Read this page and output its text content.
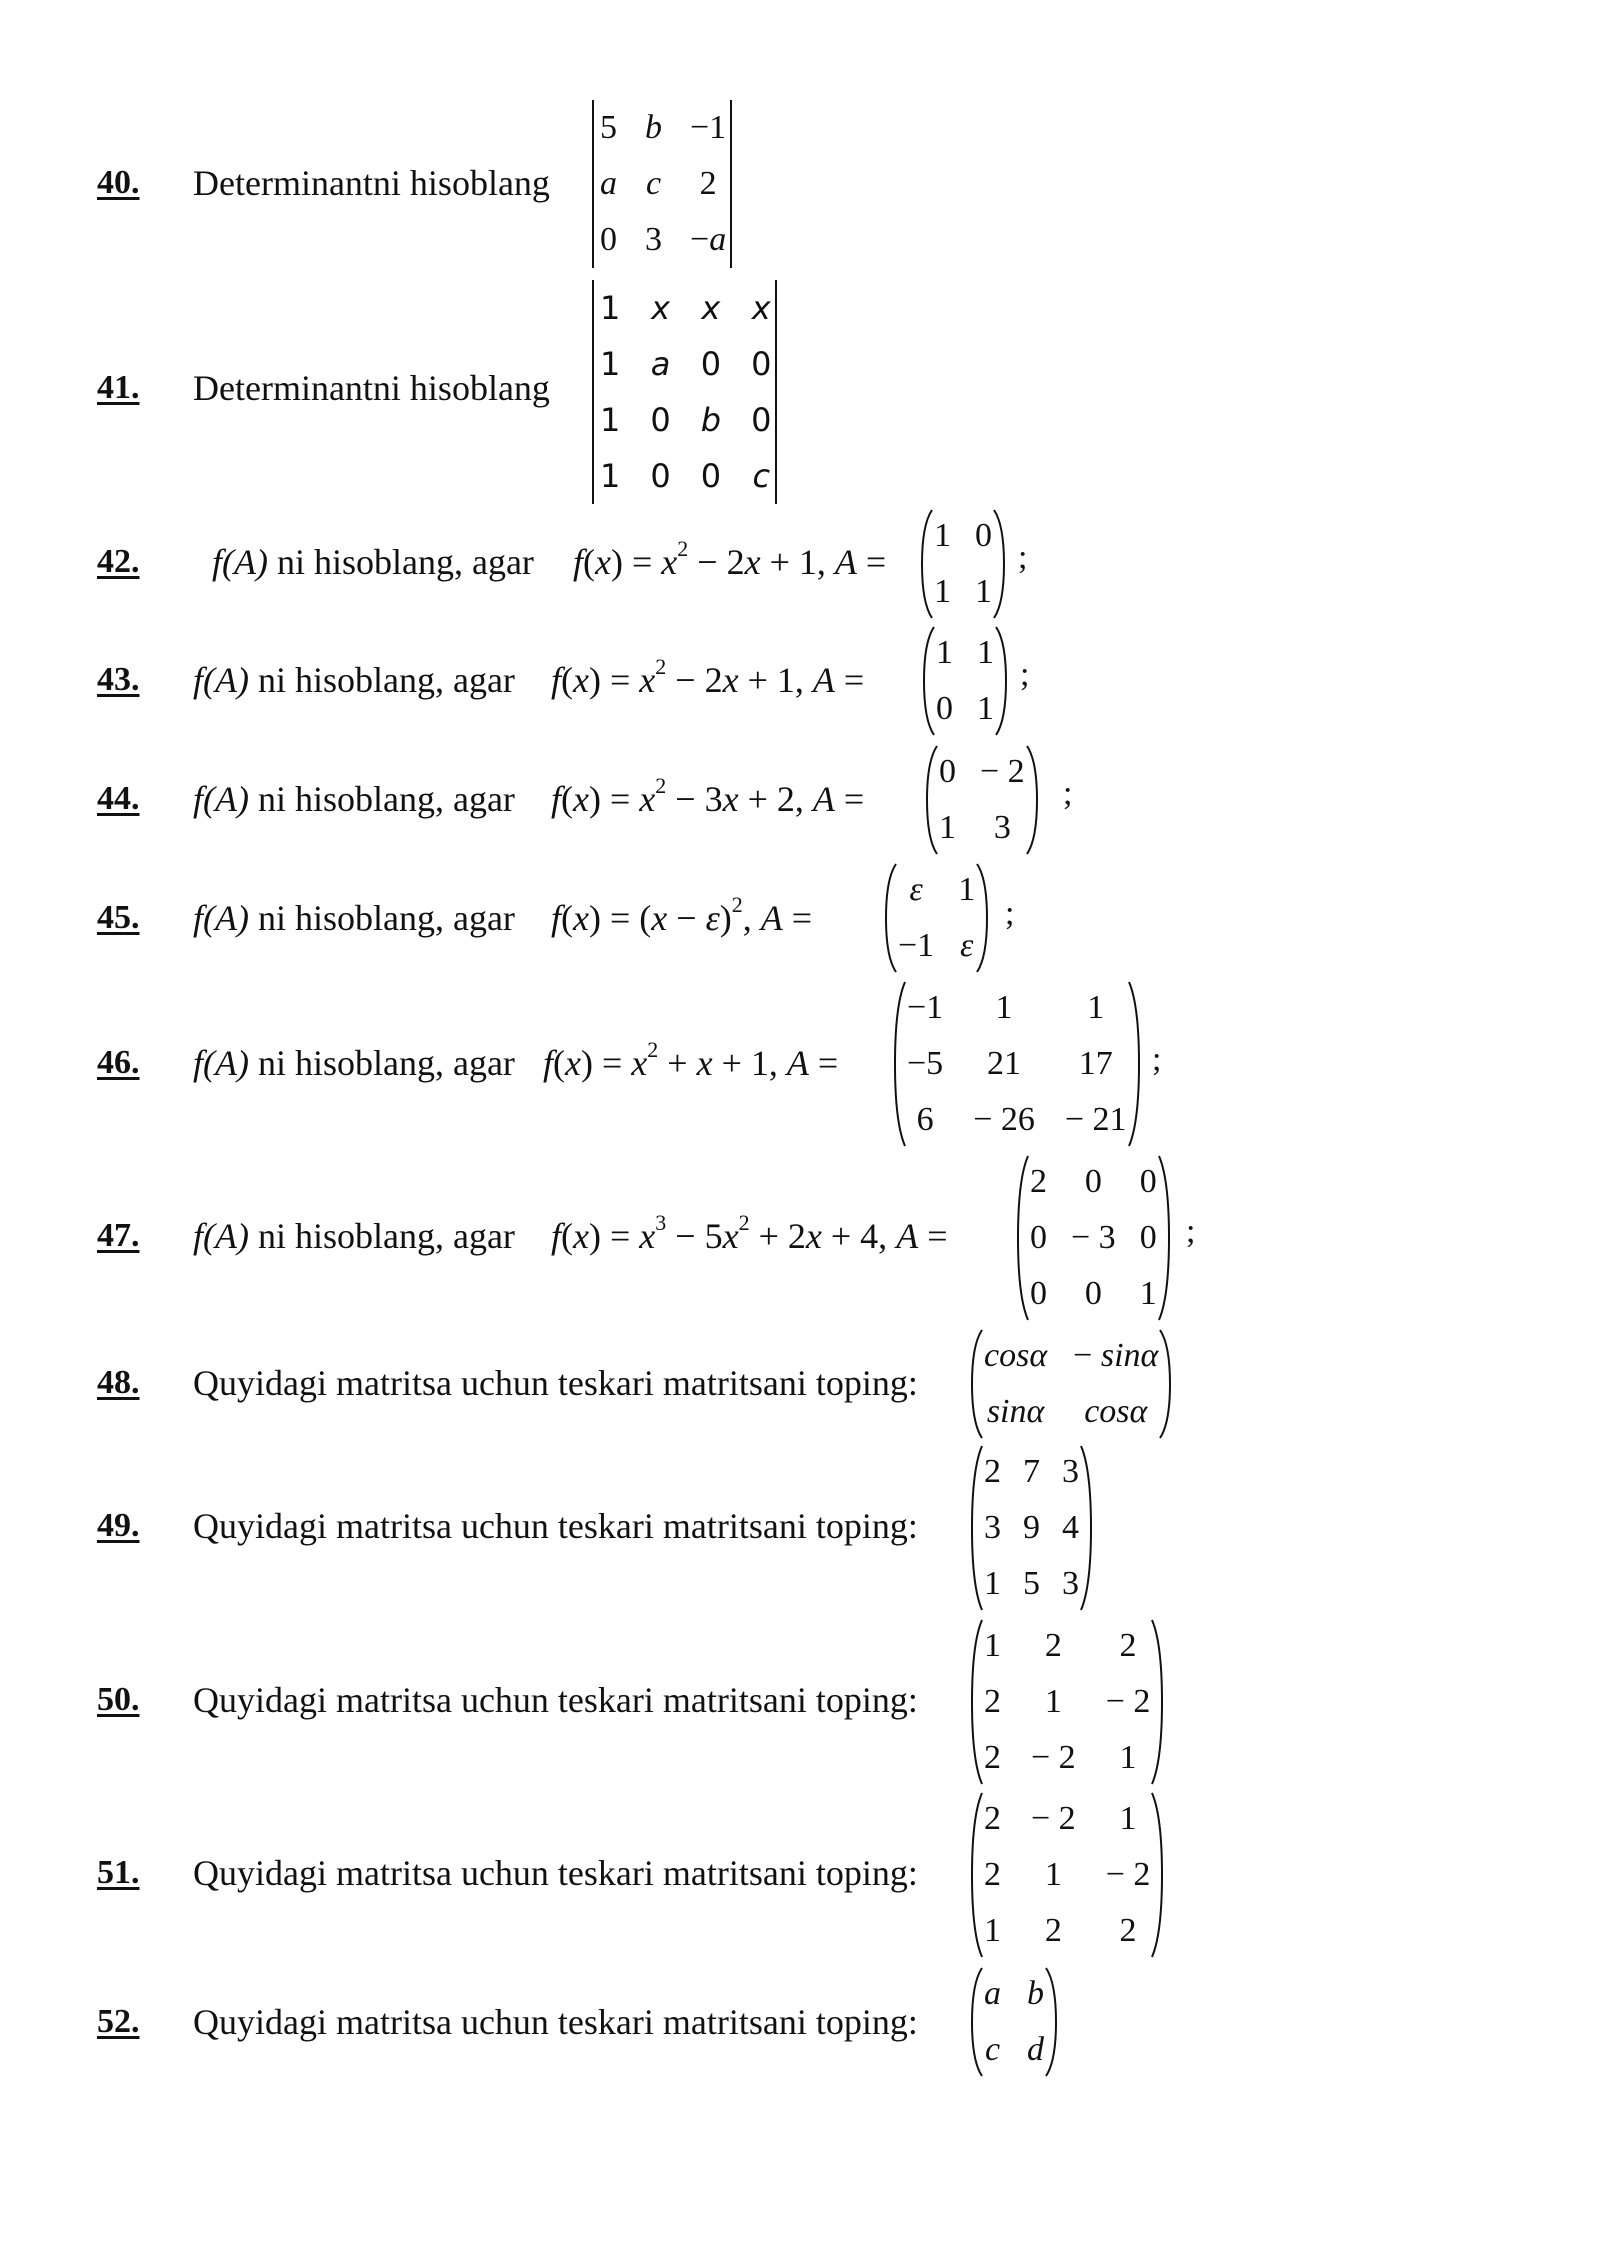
40. Determinantni hisoblang
5 b −1
a c 2
0 3 −a
41. Determinantni hisoblang
1 x x x
1 a 0 0
1 0 b 0
1 0 0 c
42. f(A) ni hisoblang, agar $f(x) = x^2 - 2x + 1$, A =
1 0
1 1
;
43. f(A) ni hisoblang, agar $f(x) = x^2 - 2x + 1$, A =
1 1
0 1
;
44. f(A) ni hisoblang, agar $f(x) = x^2 - 3x + 2$, A =
0 − 2
1 3
;
45. f(A) ni hisoblang, agar $f(x) = (x - \varepsilon)^2$, A =
ε 1
−1 ε
;
46. f(A) ni hisoblang, agar
−1 1 1
−5 21 17
6 − 26 − 21
$f(x) = x^2 + x + 1$, A =	;
47. f(A) ni hisoblang, agar $f(x) = x^3 - 5x^2 + 2x + 4$, A =
2 0 0
0 − 3 0
0 0 1
;
48. Quyidagi matritsa uchun teskari matritsani toping:
cosα − sinα
sinα cosα
49. Quyidagi matritsa uchun teskari matritsani toping:
2 7 3
3 9 4
1 5 3
50. Quyidagi matritsa uchun teskari matritsani toping:
1 2 2
2 1 − 2
2 − 2 1
51. Quyidagi matritsa uchun teskari matritsani toping:
2 − 2 1
2 1 − 2
1 2 2
52. Quyidagi matritsa uchun teskari matritsani toping:
a b
c d
